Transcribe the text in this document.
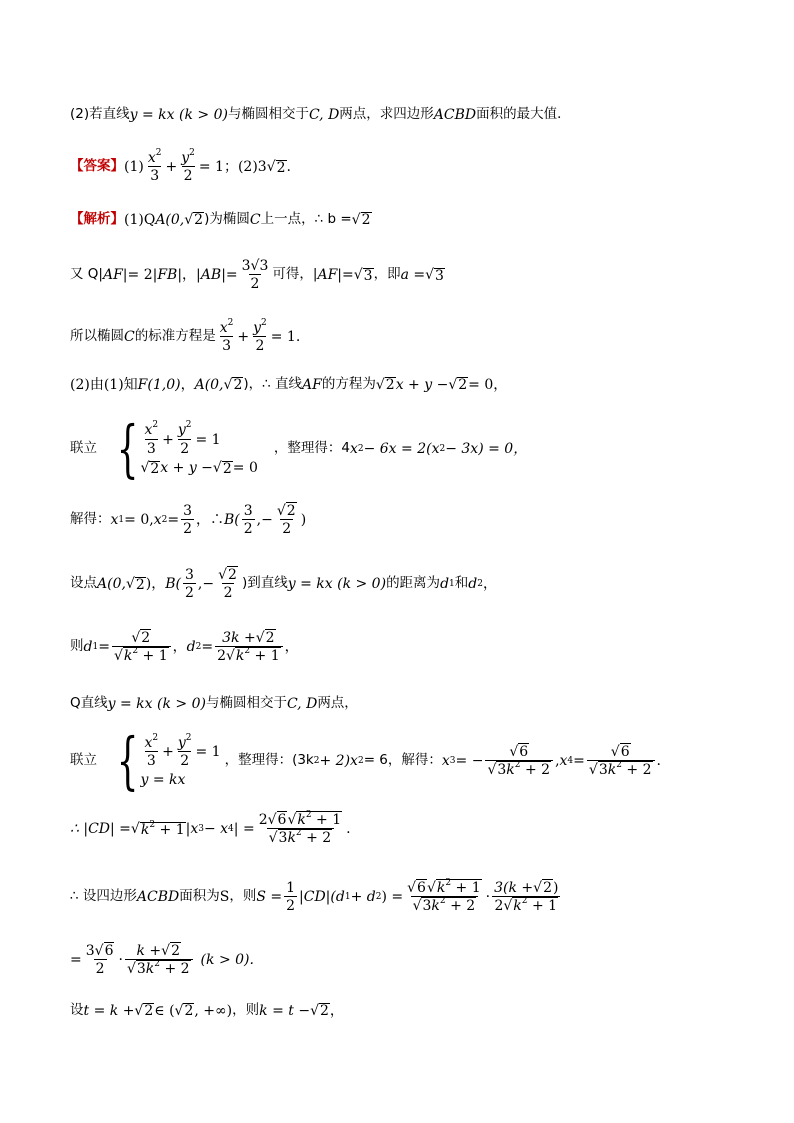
(2)若直线 y = kx (k > 0) 与椭圆相交于 C, D 两点，求四边形 ACBD 面积的最大值．
【答案】 $(1) \frac{x^2}{3} + \frac{y^2}{2} = 1$；(2)3 √ 2 .
【解析】 (1)Q A(0, √ 2 )为椭圆 C 上一点，∴ b = √ 2
又 Q| AF |= 2| FB |，| AB |= $\frac{3√3}{2}$ 可得，| AF |= √ 3 ，即 a = √ 3
所以椭圆 C 的标准方程是 $\frac{x^2}{3} + \frac{y^2}{2} = 1$.
(2)由(1)知 F(1,0) ， A(0, √ 2 )，∴ 直线 AF 的方程为 √ 2 x + y − √ 2 = 0，
联立 { $\frac{x^2}{3} + \frac{y^2}{2} = 1$
√ 2 x + y − √ 2 = 0
，整理得：4 x 2 − 6x = 2(x 2 − 3x) = 0，
解得： x 1 = 0, x $2 = \frac{3}{2}$ ，∴ $B( \frac{3}{2}$ ,− $\frac{√2}{2}$ )
设点 A(0, √ 2 )， $B( \frac{3}{2}$ ,− $\frac{√2}{2}$ )到直线 y = kx (k > 0) 的距离为 d 1 和 d 2 ，
则 d $1 = \frac{√2}{√k^2 + 1}$ ， d $2 = \frac{3k +√2}{2√k^2 + 1}$ ，
Q直线 y = kx (k > 0) 与椭圆相交于 C, D 两点，
联立 { $\frac{x^2}{3} + \frac{y^2}{2} = 1$
y = kx
，整理得：(3k 2 + 2)x 2 = 6，解得： x 3 = − $\frac{√6}{√3k^2 + 2}$ , x $4 = \frac{√6}{√3k^2 + 2}$ .
∴ |CD| = √ $k^2 + 1$ |x 3 − x 4 | = $\frac{2√6√k^2 + 1}{√3k^2 + 2}$ .
∴ 设四边形 ACBD 面积为 S ，则 $S = \frac{1}{2} |CD|(d$ 1 + d 2 ) = $\frac{√6√k^2 + 1}{√3k^2 + 2} \cdot \frac{3(k +√2)}{2√k^2 + 1}$
= $\frac{3√6}{2} \cdot \frac{k +√2}{√3k^2 + 2} (k > 0)$.
设 t = k + √ 2 ∈ ( √ 2 , +∞) ，则 k = t − √ 2 ，
